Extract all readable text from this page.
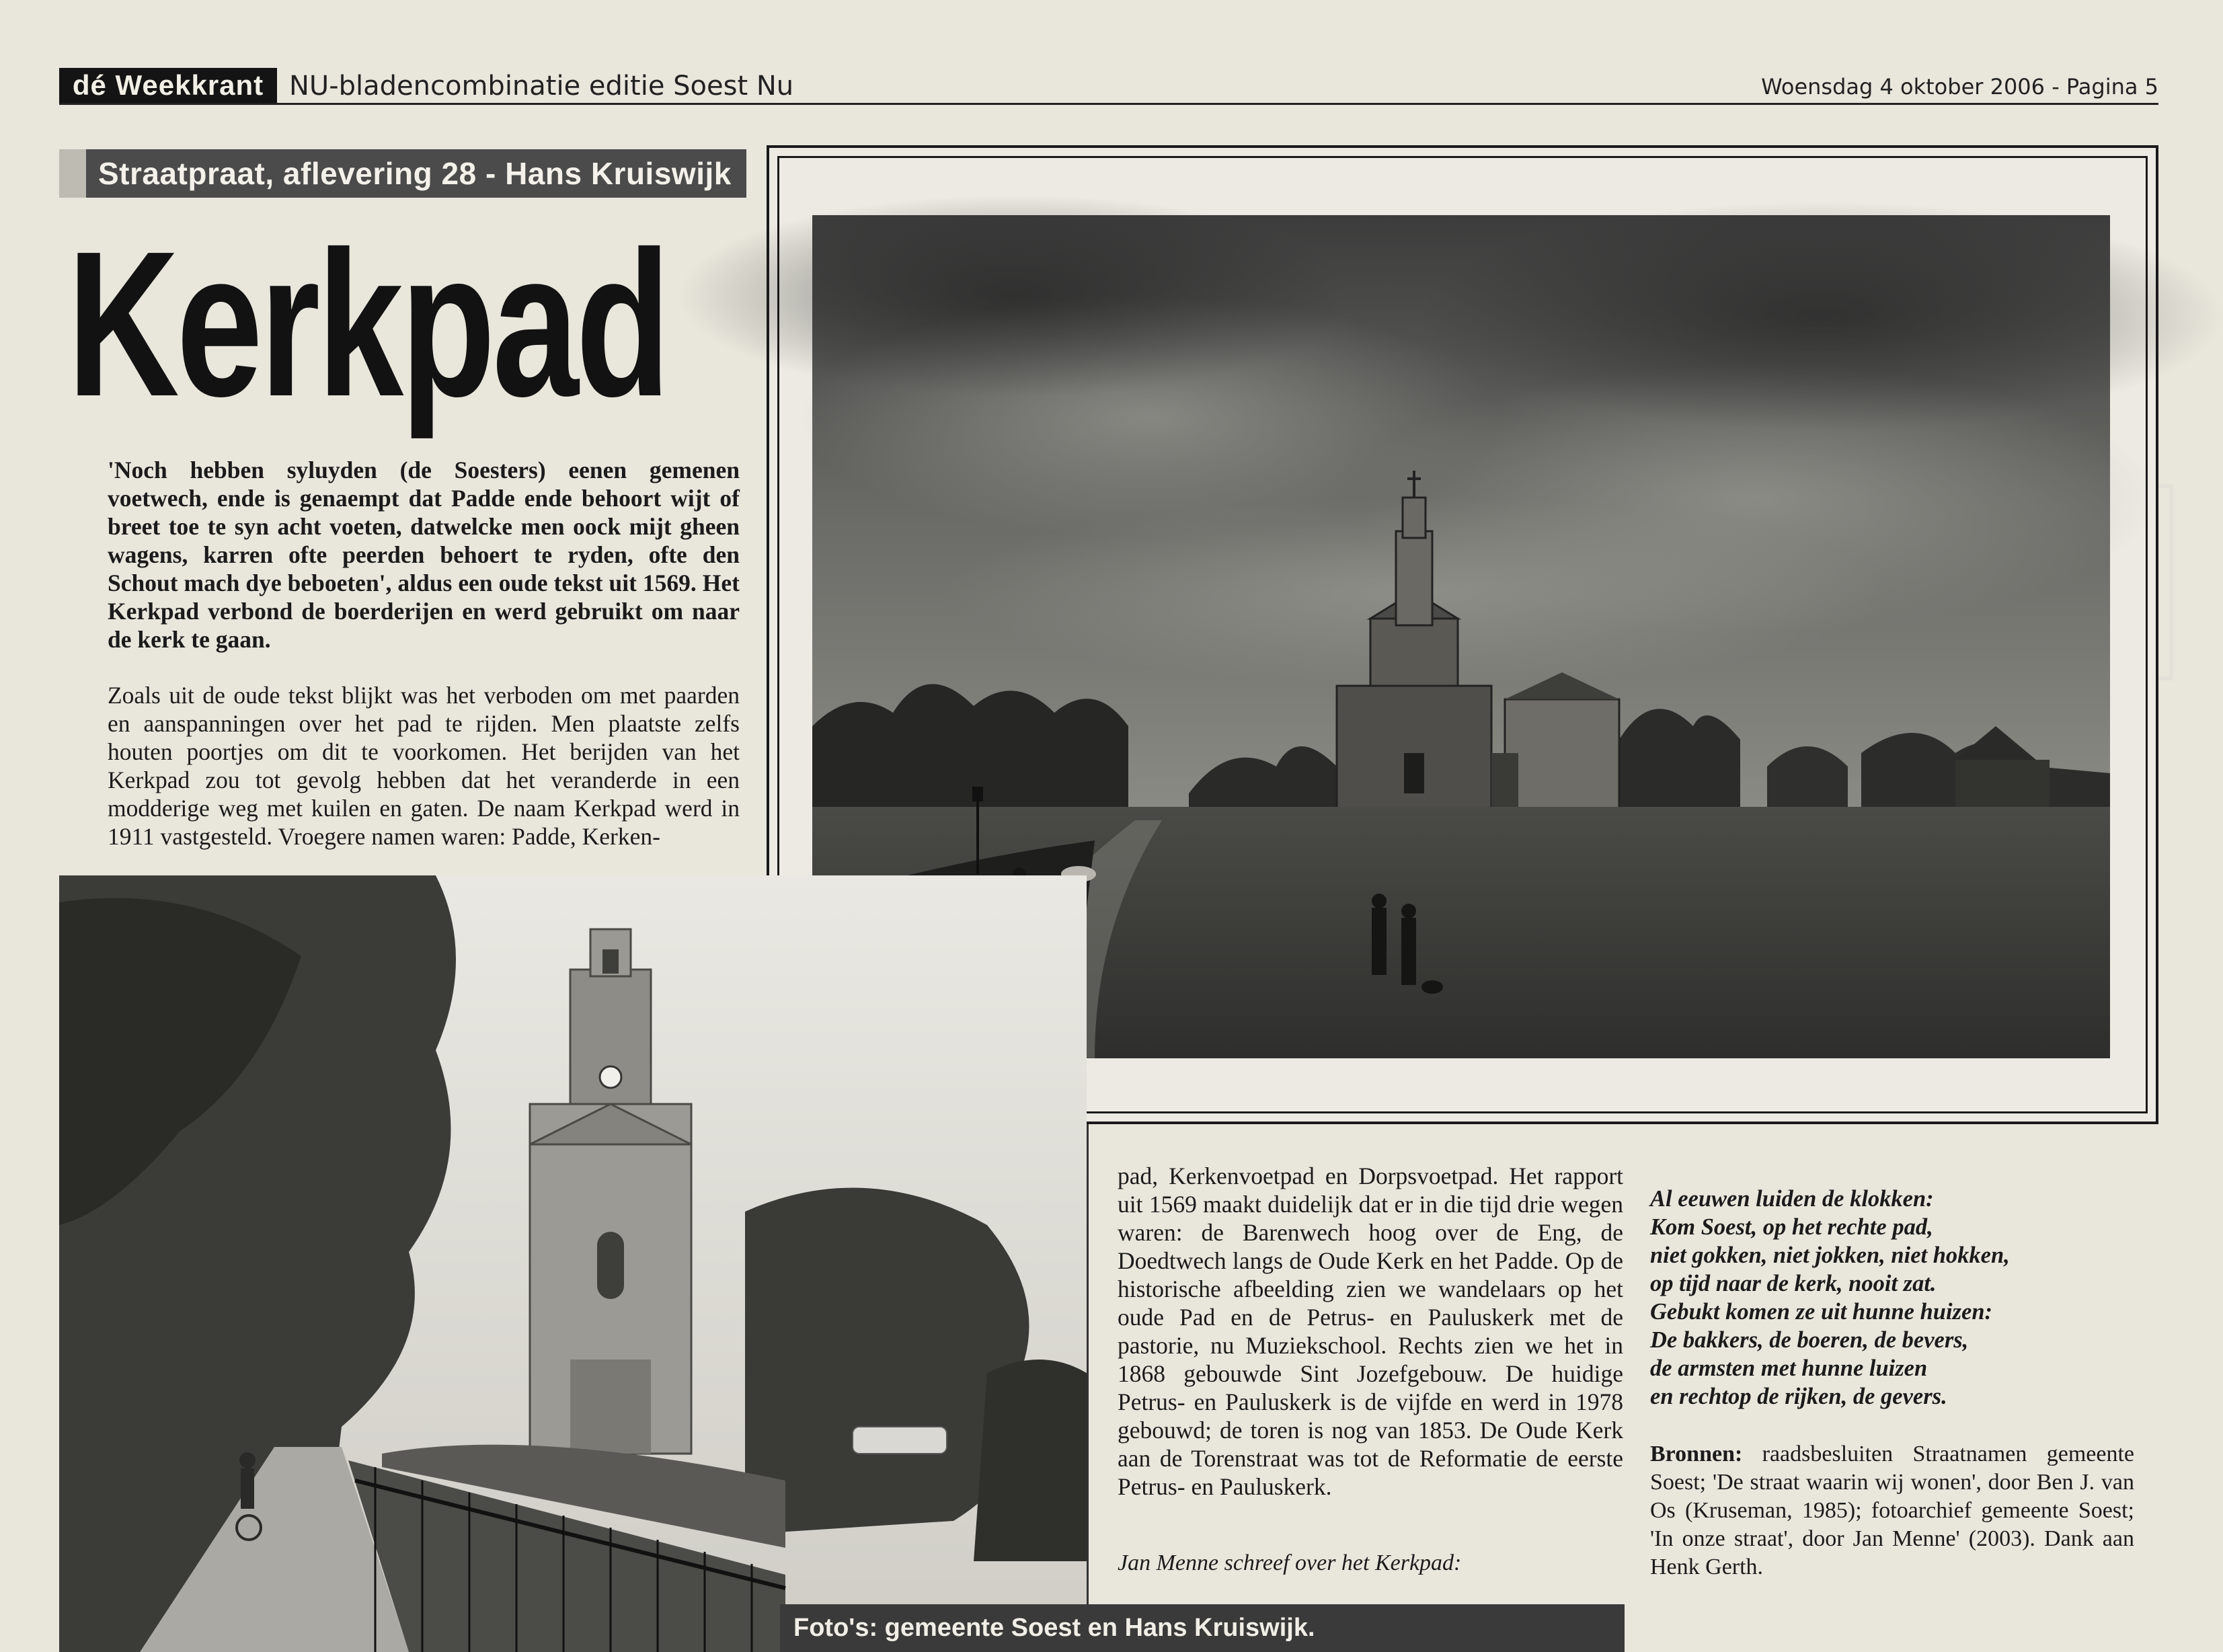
dé Weekkrant NU-bladencombinatie editie Soest Nu	Woensdag 4 oktober 2006 - Pagina 5
Straatpraat, aflevering 28 - Hans Kruiswijk
Kerkpad
'Noch hebben syluyden (de Soesters) eenen gemenen voetwech, ende is genaempt dat Padde ende behoort wijt of breet toe te syn acht voeten, datwelcke men oock mijt gheen wagens, karren ofte peerden behoert te ryden, ofte den Schout mach dye beboeten', aldus een oude tekst uit 1569. Het Kerkpad verbond de boerderijen en werd gebruikt om naar de kerk te gaan.
Zoals uit de oude tekst blijkt was het verboden om met paarden en aanspanningen over het pad te rijden. Men plaatste zelfs houten poortjes om dit te voorkomen. Het berijden van het Kerkpad zou tot gevolg hebben dat het veranderde in een modderige weg met kuilen en gaten. De naam Kerkpad werd in 1911 vastgesteld. Vroegere namen waren: Padde, Kerken-
Foto's: gemeente Soest en Hans Kruiswijk.
pad, Kerkenvoetpad en Dorpsvoetpad. Het rapport uit 1569 maakt duidelijk dat er in die tijd drie wegen waren: de Barenwech hoog over de Eng, de Doedtwech langs de Oude Kerk en het Padde. Op de historische afbeelding zien we wandelaars op het oude Pad en de Petrus- en Pauluskerk met de pastorie, nu Muziekschool. Rechts zien we het in 1868 gebouwde Sint Jozefgebouw. De huidige Petrus- en Pauluskerk is de vijfde en werd in 1978 gebouwd; de toren is nog van 1853. De Oude Kerk aan de Torenstraat was tot de Reformatie de eerste Petrus- en Pauluskerk.
Jan Menne schreef over het Kerkpad:
Al eeuwen luiden de klokken:
Kom Soest, op het rechte pad,
niet gokken, niet jokken, niet hokken,
op tijd naar de kerk, nooit zat.
Gebukt komen ze uit hunne huizen:
De bakkers, de boeren, de bevers,
de armsten met hunne luizen
en rechtop de rijken, de gevers.
Bronnen: raadsbesluiten Straatnamen gemeente Soest; 'De straat waarin wij wonen', door Ben J. van Os (Kruseman, 1985); fotoarchief gemeente Soest; 'In onze straat', door Jan Menne' (2003). Dank aan Henk Gerth.
